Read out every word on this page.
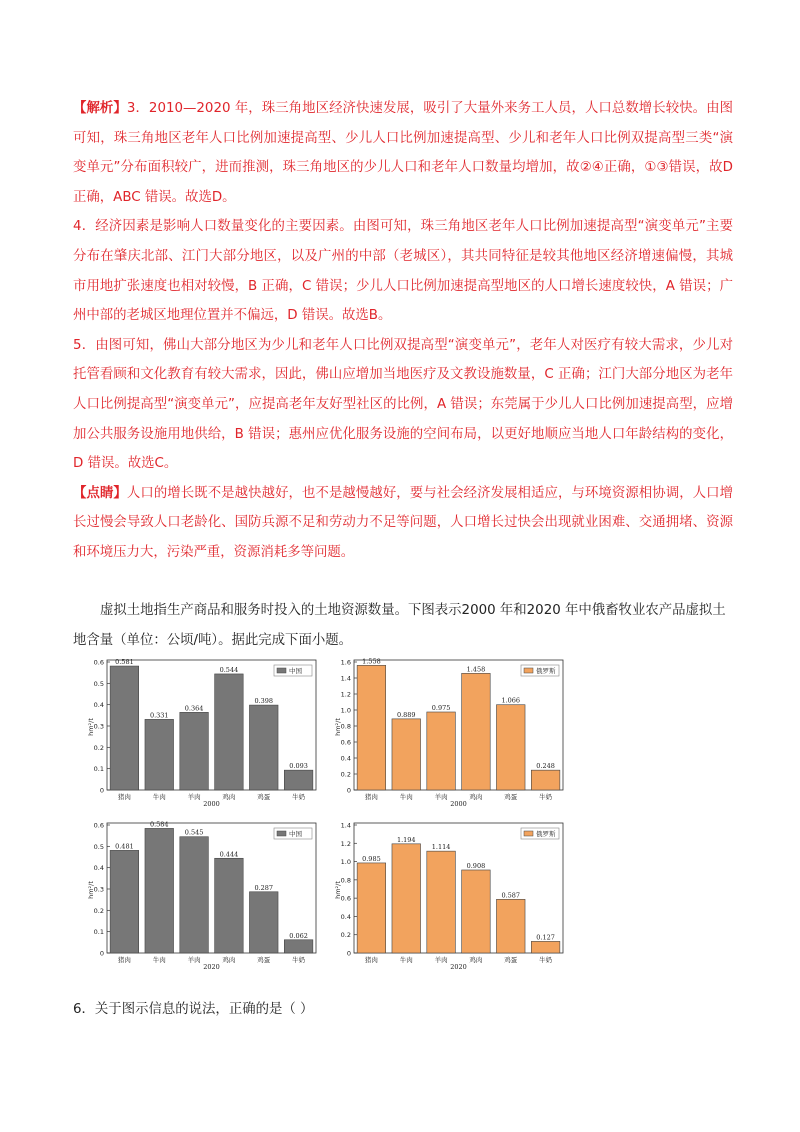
【解析】3．2010—2020 年，珠三角地区经济快速发展，吸引了大量外来务工人员，人口总数增长较快。由图可知，珠三角地区老年人口比例加速提高型、少儿人口比例加速提高型、少儿和老年人口比例双提高型三类“演变单元”分布面积较广，进而推测，珠三角地区的少儿人口和老年人口数量均增加，故②④正确，①③错误，故D 正确，ABC 错误。故选D。

4．经济因素是影响人口数量变化的主要因素。由图可知，珠三角地区老年人口比例加速提高型“演变单元”主要分布在肇庆北部、江门大部分地区，以及广州的中部（老城区），其共同特征是较其他地区经济增速偏慢，其城市用地扩张速度也相对较慢，B 正确，C 错误；少儿人口比例加速提高型地区的人口增长速度较快，A 错误；广州中部的老城区地理位置并不偏远，D 错误。故选B。

5．由图可知，佛山大部分地区为少儿和老年人口比例双提高型“演变单元”，老年人对医疗有较大需求，少儿对托管看顾和文化教育有较大需求，因此，佛山应增加当地医疗及文教设施数量，C 正确；江门大部分地区为老年人口比例提高型“演变单元”，应提高老年友好型社区的比例，A 错误；东莞属于少儿人口比例加速提高型，应增加公共服务设施用地供给，B 错误；惠州应优化服务设施的空间布局，以更好地顺应当地人口年龄结构的变化，D 错误。故选C。

【点睛】人口的增长既不是越快越好，也不是越慢越好，要与社会经济发展相适应，与环境资源相协调，人口增长过慢会导致人口老龄化、国防兵源不足和劳动力不足等问题，人口增长过快会出现就业困难、交通拥堵、资源和环境压力大，污染严重，资源消耗多等问题。

虚拟土地指生产商品和服务时投入的土地资源数量。下图表示2000 年和2020 年中俄畜牧业农产品虚拟土地含量（单位：公顷/吨）。据此完成下面小题。

0
0.1
0.2
0.3
0.4
0.5
0.6
hm²/t
0.581
猪肉
0.331
牛肉
0.364
羊肉
0.544
鸡肉
0.398
鸡蛋
0.093
牛奶
2000
中国
0
0.2
0.4
0.6
0.8
1.0
1.2
1.4
1.6
hm²/t
1.558
猪肉
0.889
牛肉
0.975
羊肉
1.458
鸡肉
1.066
鸡蛋
0.248
牛奶
2000
俄罗斯
0
0.1
0.2
0.3
0.4
0.5
0.6
hm²/t
0.481
猪肉
0.584
牛肉
0.545
羊肉
0.444
鸡肉
0.287
鸡蛋
0.062
牛奶
2020
中国
0
0.2
0.4
0.6
0.8
1.0
1.2
1.4
hm²/t
0.985
猪肉
1.194
牛肉
1.114
羊肉
0.908
鸡肉
0.587
鸡蛋
0.127
牛奶
2020
俄罗斯
6．关于图示信息的说法，正确的是（ ）
